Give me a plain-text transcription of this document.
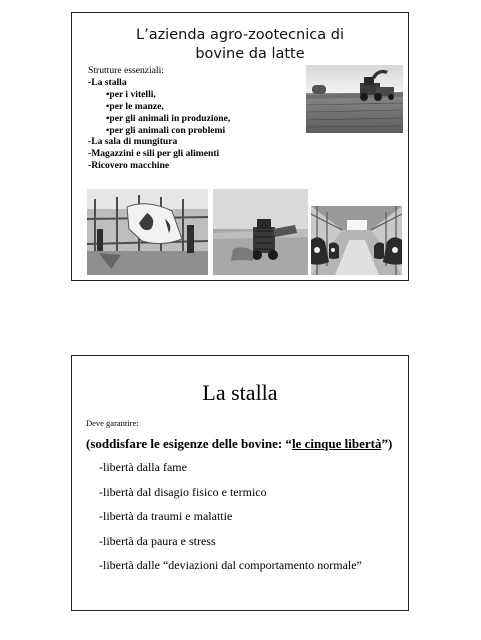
L’azienda agro-zootecnica di
bovine da latte
Strutture essenziali:
-La stalla
•per i vitelli,
•per le manze,
•per gli animali in produzione,
•per gli animali con problemi
-La sala di mungitura
-Magazzini e sili per gli alimenti
-Ricovero macchine
La stalla
Deve garantire:
(soddisfare le esigenze delle bovine: “le cinque libertà”)
-libertà dalla fame
-libertà dal disagio fisico e termico
-libertà da traumi e malattie
-libertà da paura e stress
-libertà dalle “deviazioni dal comportamento normale”
